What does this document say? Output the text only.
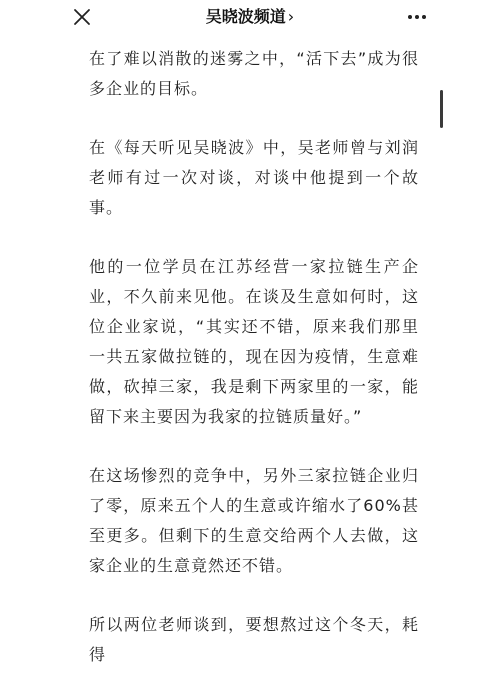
吴晓波频道 ›

在了难以消散的迷雾之中，“活下去”成为很多企业的目标。

在《每天听见吴晓波》中，吴老师曾与刘润老师有过一次对谈，对谈中他提到一个故事。

他的一位学员在江苏经营一家拉链生产企业，不久前来见他。在谈及生意如何时，这位企业家说，“其实还不错，原来我们那里一共五家做拉链的，现在因为疫情，生意难做，砍掉三家，我是剩下两家里的一家，能留下来主要因为我家的拉链质量好。”

在这场惨烈的竞争中，另外三家拉链企业归了零，原来五个人的生意或许缩水了60%甚至更多。但剩下的生意交给两个人去做，这家企业的生意竟然还不错。

所以两位老师谈到，要想熬过这个冬天，耗得
